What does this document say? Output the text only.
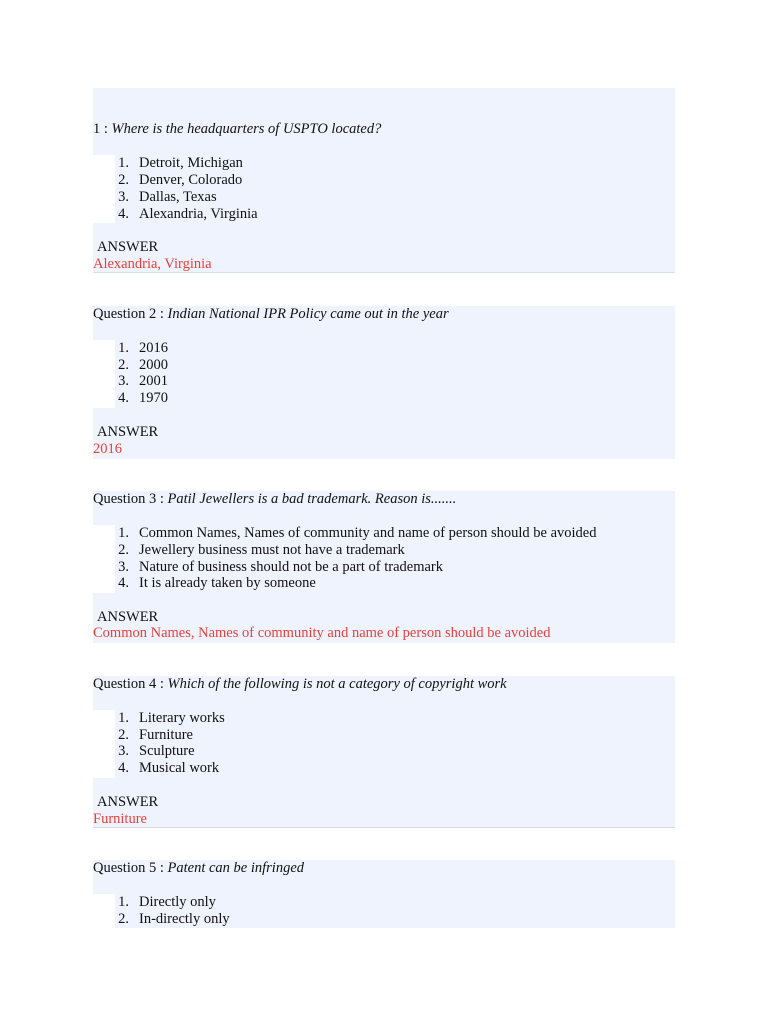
1 : Where is the headquarters of USPTO located?
1. Detroit, Michigan
2. Denver, Colorado
3. Dallas, Texas
4. Alexandria, Virginia
ANSWER
Alexandria, Virginia
Question 2 : Indian National IPR Policy came out in the year
1. 2016
2. 2000
3. 2001
4. 1970
ANSWER
2016
Question 3 : Patil Jewellers is a bad trademark. Reason is.......
1. Common Names, Names of community and name of person should be avoided
2. Jewellery business must not have a trademark
3. Nature of business should not be a part of trademark
4. It is already taken by someone
ANSWER
Common Names, Names of community and name of person should be avoided
Question 4 : Which of the following is not a category of copyright work
1. Literary works
2. Furniture
3. Sculpture
4. Musical work
ANSWER
Furniture
Question 5 : Patent can be infringed
1. Directly only
2. In-directly only
